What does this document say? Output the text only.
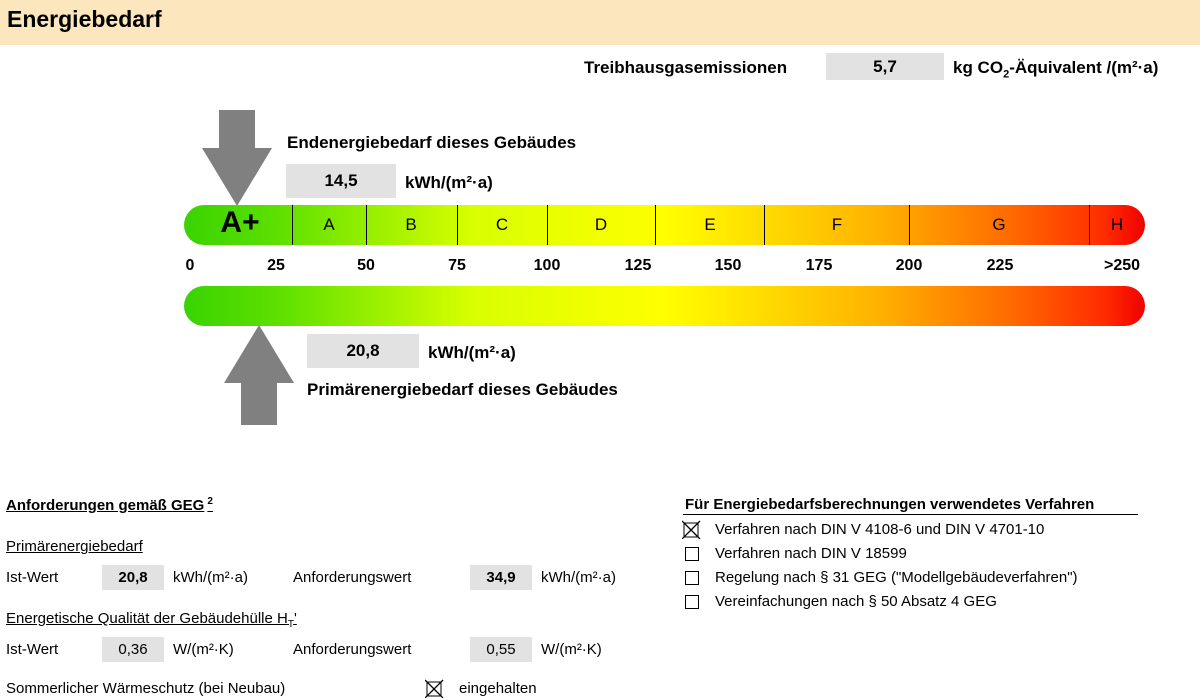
Energiebedarf
Treibhausgasemissionen	5,7	kg $CO_2$-Äquivalent /(m²·a)
Endenergiebedarf dieses Gebäudes
14,5	kWh/(m²·a)
A+	A	B	C	D	E	F	G	H
0	25	50	75	100	125	150	175	200	225	>250
20,8	kWh/(m²·a)
Primärenergiebedarf dieses Gebäudes
Anforderungen gemäß GEG $^2$
Primärenergiebedarf
Ist-Wert	20,8	kWh/(m²·a)	Anforderungswert	34,9	kWh/(m²·a)
Energetische Qualität der Gebäudehülle $H_T'$
Ist-Wert	0,36	W/(m²·K)	Anforderungswert	0,55	W/(m²·K)
Sommerlicher Wärmeschutz (bei Neubau)	eingehalten
Für Energiebedarfsberechnungen verwendetes Verfahren
Verfahren nach DIN V 4108-6 und DIN V 4701-10
Verfahren nach DIN V 18599
Regelung nach § 31 GEG ("Modellgebäudeverfahren")
Vereinfachungen nach § 50 Absatz 4 GEG
